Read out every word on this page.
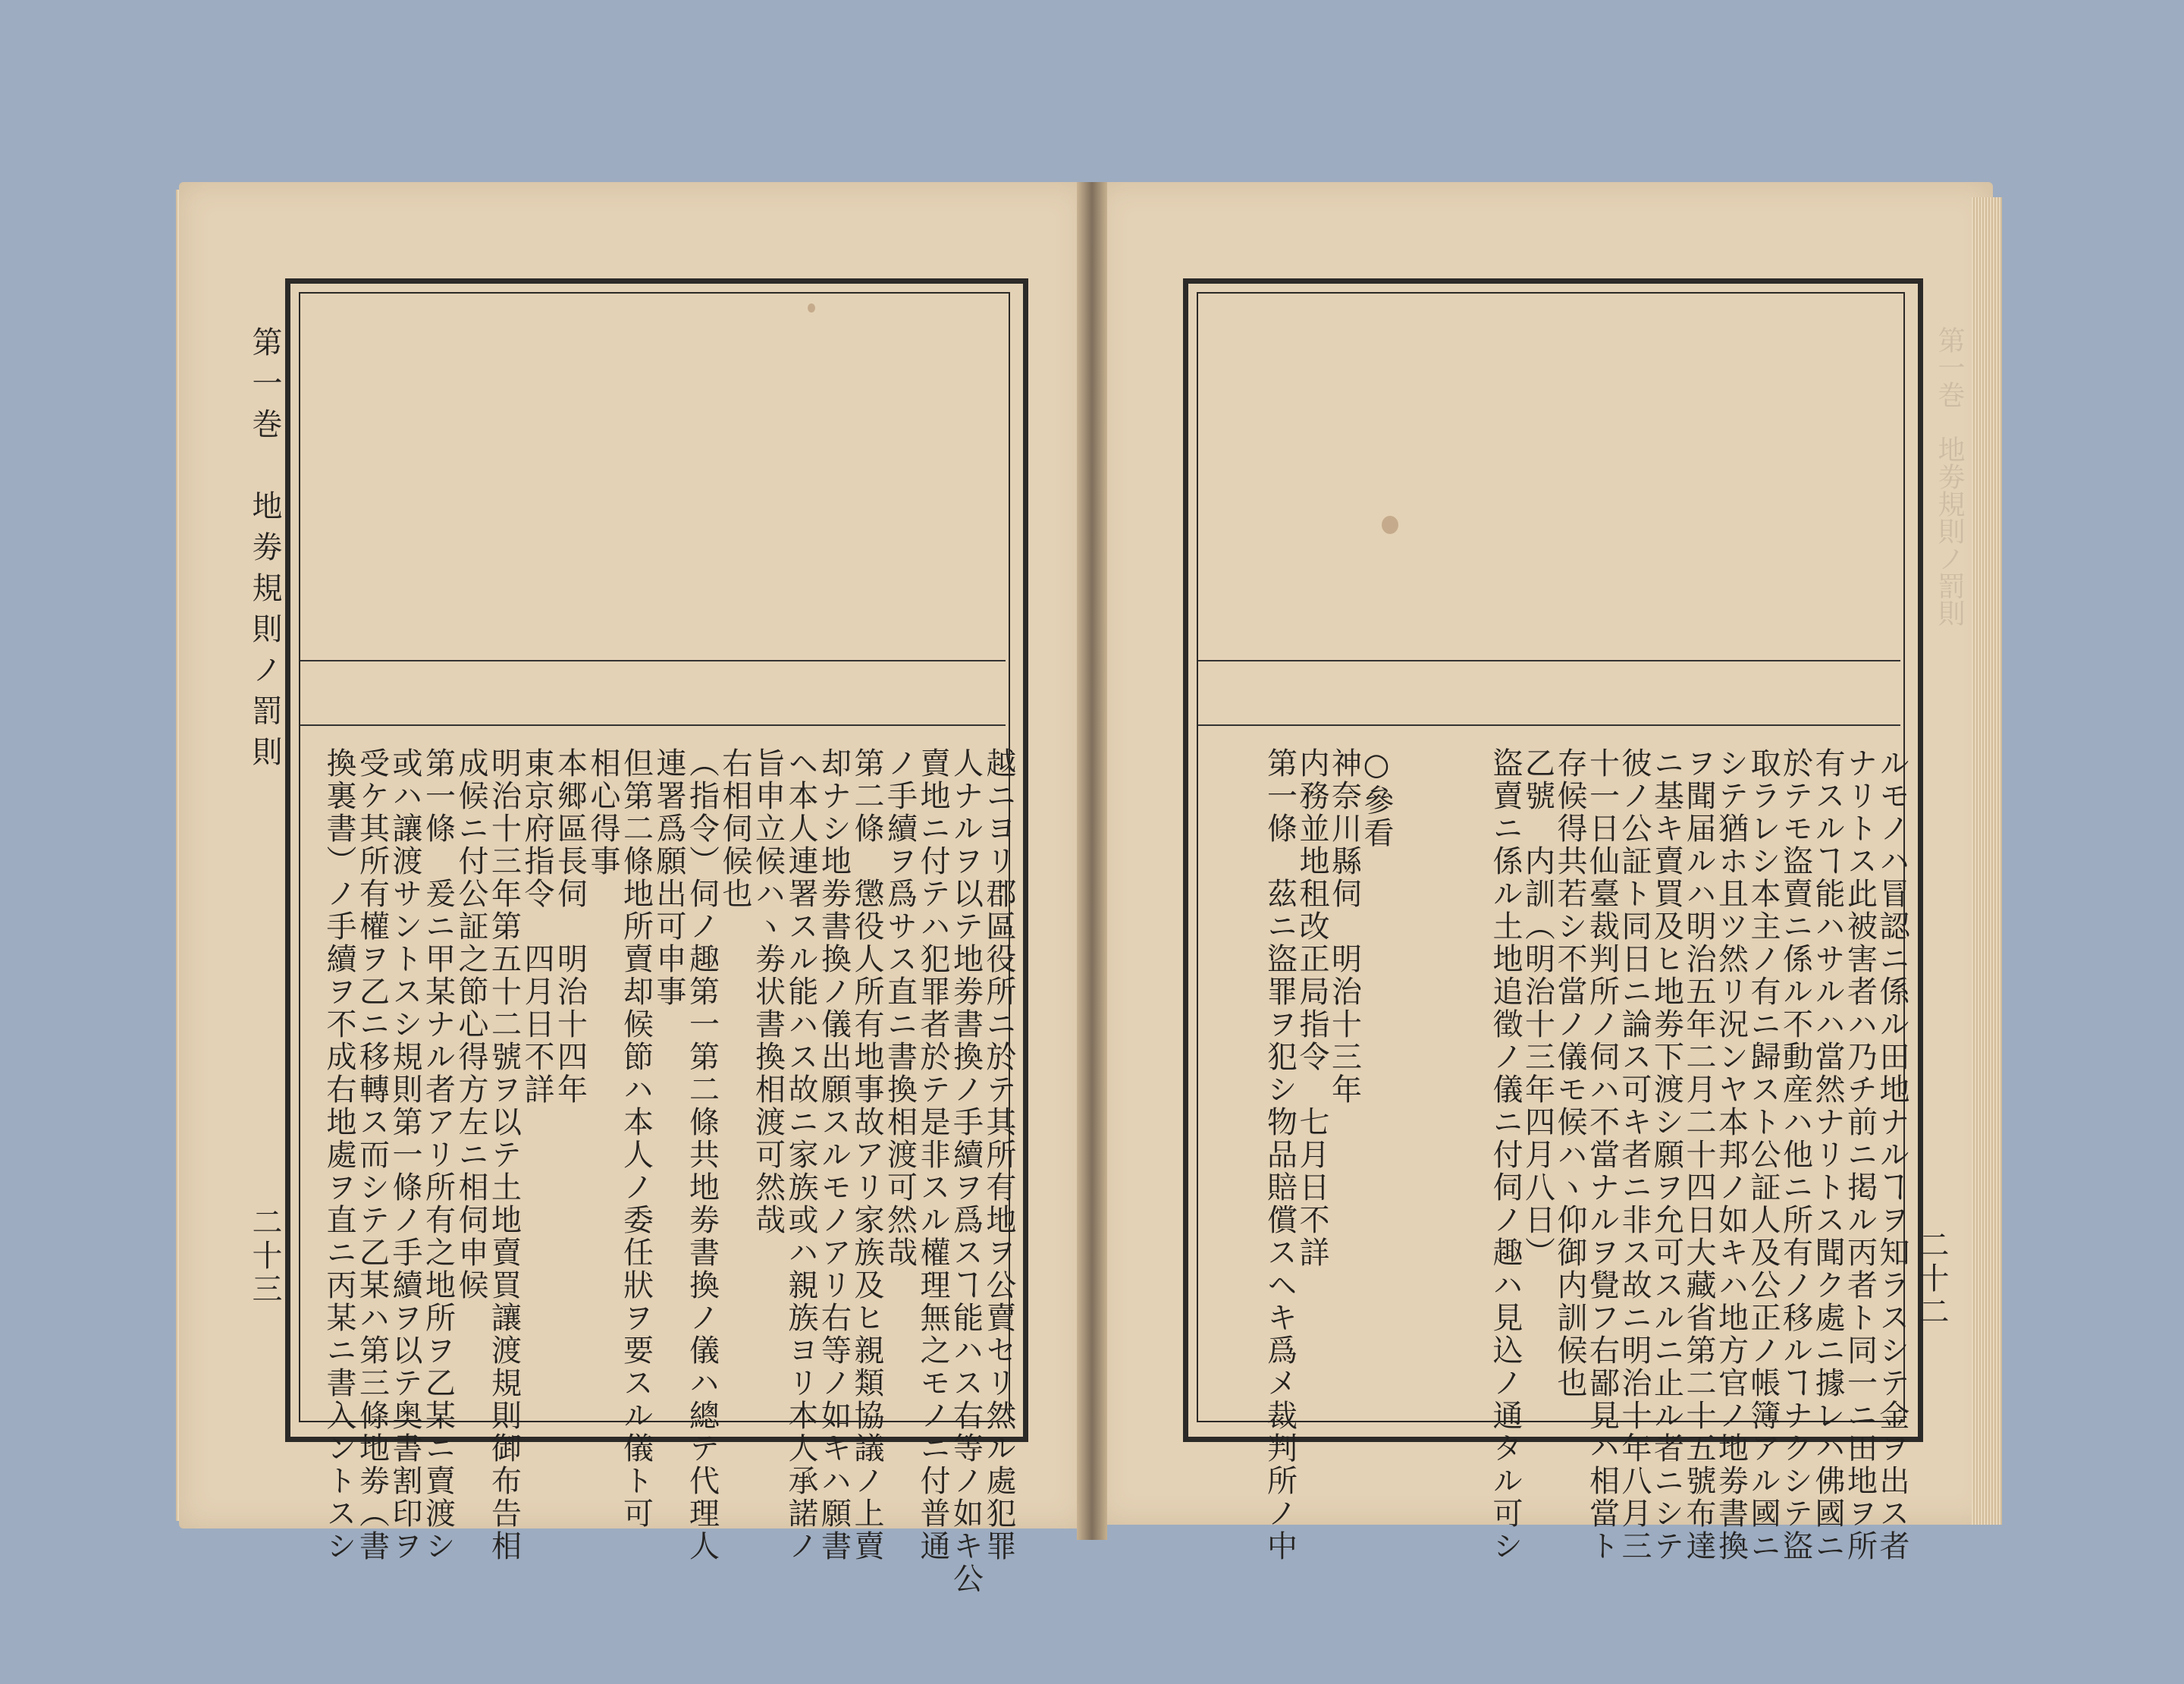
第一巻　地劵規則ノ罰則
二十三	越ニヨリ郡區役所ニ於テ其所有地ヲ公賣セリ然ル處犯罪
人ナルヲ以テ地劵書換ノ手續ヲ爲スヿ能ハス右等ノ如キ公
賣地ニ付テハ犯罪者於テ是非スル權理無之モノニ付普通
ノ手續ヲ爲サス直ニ書換相渡可然哉
第二條　懲役人所有地事故アリ家族及ヒ親類協議ノ上賣
却ナシ地劵書換ノ儀出願スルモノアリ右等ノ如キハ願書
ヘ本人連署スル能ハス故ニ家族或ハ親族ヨリ本人承諾ノ
旨申立候ハヽ劵状書換相渡可然哉
右相伺候也
（指令）伺ノ趣第一第二條共地劵書換ノ儀ハ總テ代理人
連署爲願出可申事
但第二條地所賣却候節ハ本人ノ委任狀ヲ要スル儀ト可
相心得事
本郷區長伺　明治十四年
東京府指令　四月日不詳
明治十三年第五十二號ヲ以テ土地賣買讓渡規則御布告相
成候ニ付公証之節心得方左ニ相伺申候
第一條　爰ニ甲某ナル者アリ所有之地所ヲ乙某ニ賣渡シ
或ハ讓渡サントスシ規則第一條ノ手續ヲ以テ奥書割印ヲ
受ケ其所有權ヲ乙ニ移轉ス而シテ乙某ハ第三條地劵（書
換裏書）ノ手續ヲ不成右地處ヲ直ニ丙某ニ書入ントスシ	二十二
ルモノハ冒認ニ係ル田地ナルヿヲ知ラスシテ金ヲ出ス者
ナリトス此被害者ハ乃チ前ニ掲ル丙者ト同一ニ田地ヲ所
有スルヿ能ハサルハ當然ナリトス聞ク處ニ據レハ佛國ニ
於テモ盜賣ニ係ル不動産ハ他ニ所有ノ移ルヿナクシテ盜
取ラレシ本主ノ有ニ歸スト公証人及公正ノ帳簿アル國ニ
シテ猶ホ且ツ然リ況ンヤ本邦ノ如キハ地方官ノ地劵書換
ヲ聞届ルハ明治五年二月二十四日大藏省第二十五號布達
ニ基キ賣買及ヒ地劵下渡シ願ヲ允可スルニ止ル者ニシテ
彼ノ公証ト同日ニ論ス可キ者ニ非ス故ニ明治十年八月三
十一日仙臺裁判所ノ伺ハ不當ナルヲ覺フ右鄙見ハ相當ト
存候得共若シ不當ノ儀モ候ハヽ仰御内訓候也
乙號　内訓（明治十三年四月八日）
盜賣ニ係ル土地追徵ノ儀ニ付伺ノ趣ハ見込ノ通タル可シ
○參看
神奈川縣伺　明治十三年
内務並地租改正局指令　七月日不詳
第一條　茲ニ盜罪ヲ犯シ物品賠償スヘキ爲メ裁判所ノ中
第一巻　地劵規則ノ罰則
